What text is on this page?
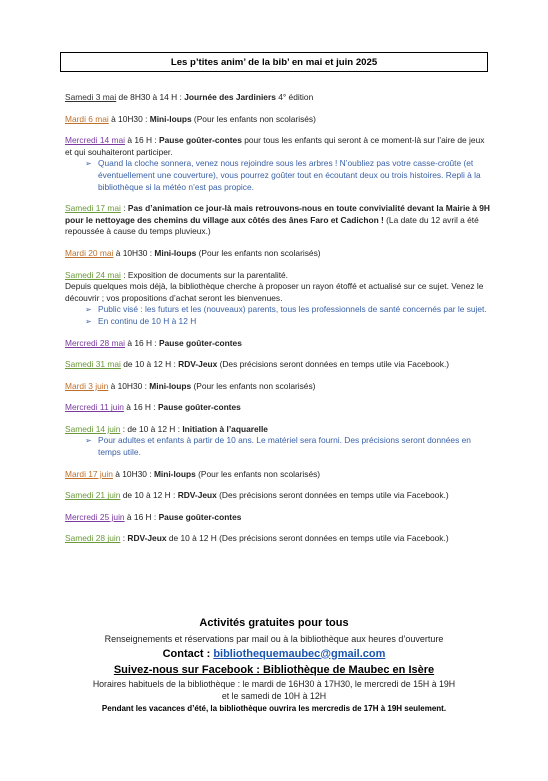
Les p’tites anim’ de la bib’ en mai et juin 2025
Samedi 3 mai de 8H30 à 14 H : Journée des Jardiniers 4° édition
Mardi 6 mai à 10H30 : Mini-loups (Pour les enfants non scolarisés)
Mercredi 14 mai à 16 H : Pause goûter-contes pour tous les enfants qui seront à ce moment-là sur l’aire de jeux et qui souhaiteront participer.
➢ Quand la cloche sonnera, venez nous rejoindre sous les arbres ! N’oubliez pas votre casse-croûte (et éventuellement une couverture), vous pourrez goûter tout en écoutant deux ou trois histoires. Repli à la bibliothèque si la météo n’est pas propice.
Samedi 17 mai : Pas d’animation ce jour-là mais retrouvons-nous en toute convivialité devant la Mairie à 9H pour le nettoyage des chemins du village aux côtés des ânes Faro et Cadichon ! (La date du 12 avril a été repoussée à cause du temps pluvieux.)
Mardi 20 mai à 10H30 : Mini-loups (Pour les enfants non scolarisés)
Samedi 24 mai : Exposition de documents sur la parentalité.
Depuis quelques mois déjà, la bibliothèque cherche à proposer un rayon étoffé et actualisé sur ce sujet. Venez le découvrir ; vos propositions d’achat seront les bienvenues.
➢ Public visé : les futurs et les (nouveaux) parents, tous les professionnels de santé concernés par le sujet.
➢ En continu de 10 H à 12 H
Mercredi 28 mai à 16 H : Pause goûter-contes
Samedi 31 mai de 10 à 12 H : RDV-Jeux (Des précisions seront données en temps utile via Facebook.)
Mardi 3 juin à 10H30 : Mini-loups (Pour les enfants non scolarisés)
Mercredi 11 juin à 16 H : Pause goûter-contes
Samedi 14 juin : de 10 à 12 H : Initiation à l’aquarelle
➢ Pour adultes et enfants à partir de 10 ans. Le matériel sera fourni. Des précisions seront données en temps utile.
Mardi 17 juin à 10H30 : Mini-loups (Pour les enfants non scolarisés)
Samedi 21 juin de 10 à 12 H : RDV-Jeux (Des précisions seront données en temps utile via Facebook.)
Mercredi 25 juin à 16 H : Pause goûter-contes
Samedi 28 juin : RDV-Jeux de 10 à 12 H (Des précisions seront données en temps utile via Facebook.)
Activités gratuites pour tous
Renseignements et réservations par mail ou à la bibliothèque aux heures d’ouverture
Contact : bibliothequemaubec@gmail.com
Suivez-nous sur Facebook : Bibliothèque de Maubec en Isère
Horaires habituels de la bibliothèque : le mardi de 16H30 à 17H30, le mercredi de 15H à 19H
et le samedi de 10H à 12H
Pendant les vacances d’été, la bibliothèque ouvrira les mercredis de 17H à 19H seulement.
